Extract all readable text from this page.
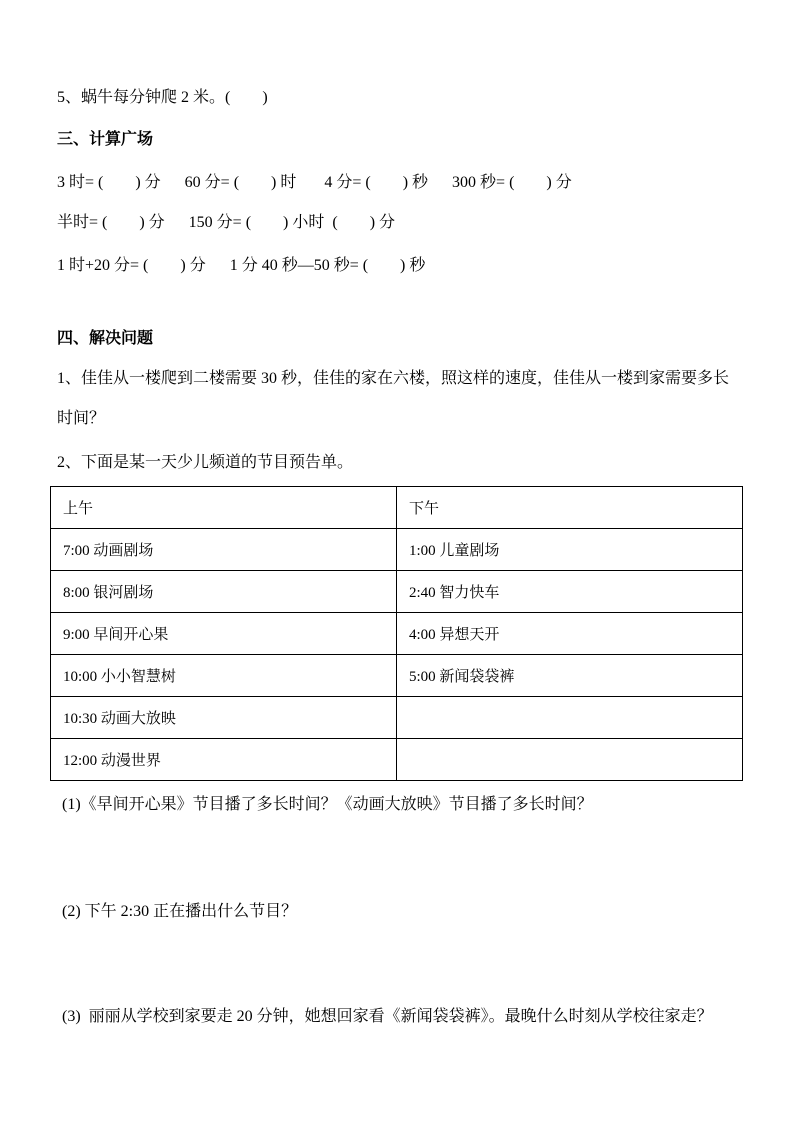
5、蜗牛每分钟爬 2 米。(        )

三、计算广场

3 时= (        ) 分      60 分= (        ) 时       4 分= (        ) 秒      300 秒= (        ) 分

半时= (        ) 分      150 分= (        ) 小时  (        ) 分

1 时+20 分= (        ) 分      1 分 40 秒—50 秒= (        ) 秒

四、解决问题

1、佳佳从一楼爬到二楼需要 30 秒，佳佳的家在六楼，照这样的速度，佳佳从一楼到家需要多长时间？

2、下面是某一天少儿频道的节目预告单。

上午	下午
7:00 动画剧场	1:00 儿童剧场
8:00 银河剧场	2:40 智力快车
9:00 早间开心果	4:00 异想天开
10:00 小小智慧树	5:00 新闻袋袋裤
10:30 动画大放映	
12:00 动漫世界	

(1)《早间开心果》节目播了多长时间？《动画大放映》节目播了多长时间？

(2) 下午 2:30 正在播出什么节目？

(3)  丽丽从学校到家要走 20 分钟，她想回家看《新闻袋袋裤》。最晚什么时刻从学校往家走？
